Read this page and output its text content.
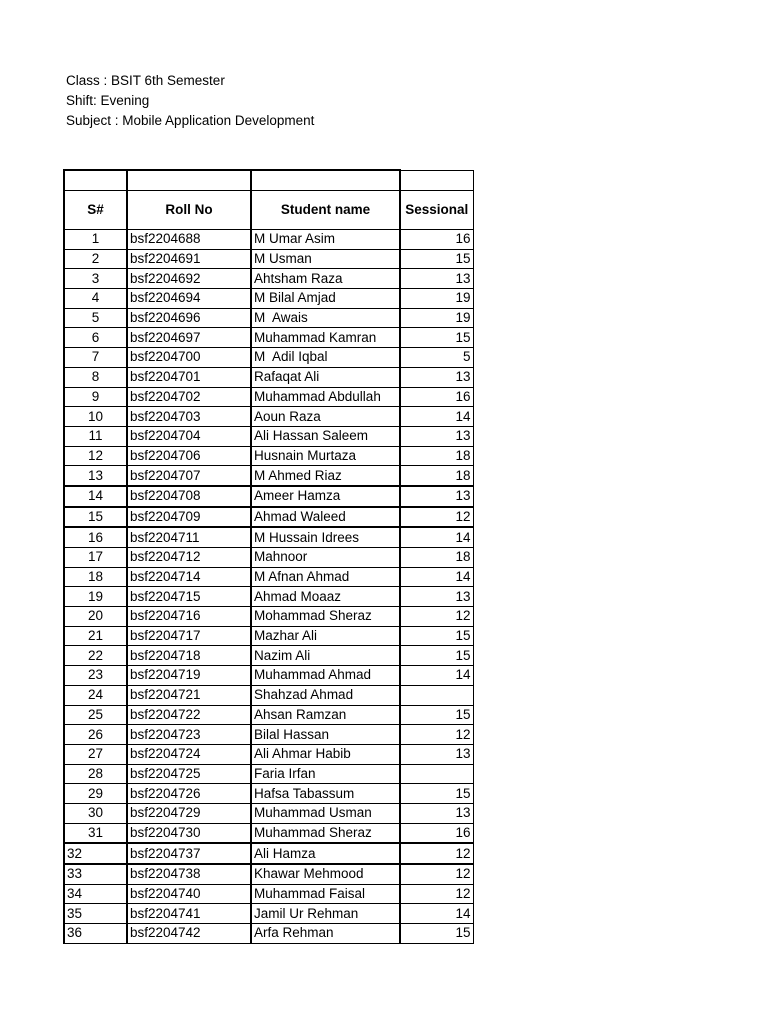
Class : BSIT 6th Semester
Shift: Evening
Subject : Mobile Application Development

S#	Roll No	Student name	Sessional
1	bsf2204688	M Umar Asim	16
2	bsf2204691	M Usman	15
3	bsf2204692	Ahtsham Raza	13
4	bsf2204694	M Bilal Amjad	19
5	bsf2204696	M  Awais	19
6	bsf2204697	Muhammad Kamran	15
7	bsf2204700	M  Adil Iqbal	5
8	bsf2204701	Rafaqat Ali	13
9	bsf2204702	Muhammad Abdullah	16
10	bsf2204703	Aoun Raza	14
11	bsf2204704	Ali Hassan Saleem	13
12	bsf2204706	Husnain Murtaza	18
13	bsf2204707	M Ahmed Riaz	18
14	bsf2204708	Ameer Hamza	13
15	bsf2204709	Ahmad Waleed	12
16	bsf2204711	M Hussain Idrees	14
17	bsf2204712	Mahnoor	18
18	bsf2204714	M Afnan Ahmad	14
19	bsf2204715	Ahmad Moaaz	13
20	bsf2204716	Mohammad Sheraz	12
21	bsf2204717	Mazhar Ali	15
22	bsf2204718	Nazim Ali	15
23	bsf2204719	Muhammad Ahmad	14
24	bsf2204721	Shahzad Ahmad	
25	bsf2204722	Ahsan Ramzan	15
26	bsf2204723	Bilal Hassan	12
27	bsf2204724	Ali Ahmar Habib	13
28	bsf2204725	Faria Irfan	
29	bsf2204726	Hafsa Tabassum	15
30	bsf2204729	Muhammad Usman	13
31	bsf2204730	Muhammad Sheraz	16
32	bsf2204737	Ali Hamza	12
33	bsf2204738	Khawar Mehmood	12
34	bsf2204740	Muhammad Faisal	12
35	bsf2204741	Jamil Ur Rehman	14
36	bsf2204742	Arfa Rehman	15
